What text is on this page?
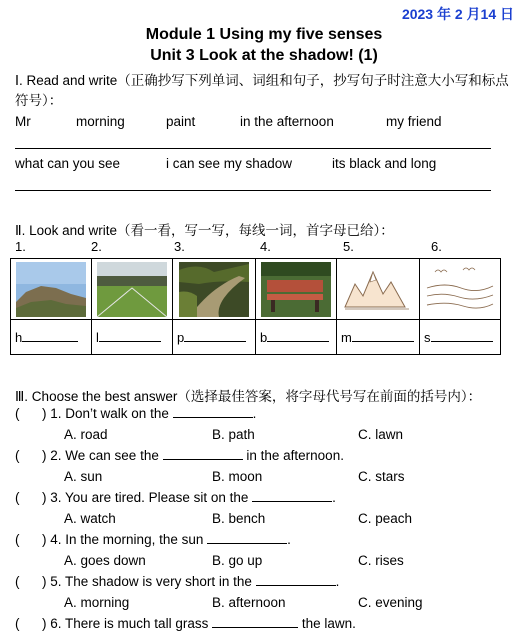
2023 年 2 月14 日
Module 1 Using my five senses
Unit 3 Look at the shadow! (1)
Ⅰ. Read and write（正确抄写下列单词、词组和句子，抄写句子时注意大小写和标点符号）：
Mr	morning	paint	in the afternoon	my friend
what can you see	i can see my shadow	its black and long
Ⅱ. Look and write（看一看，写一写，每线一词，首字母已给）：
1.	2.	3.	4.	5.	6.

h	l	p	b	m	s
Ⅲ. Choose the best answer（选择最佳答案，将字母代号写在前面的括号内）：
(      ) 1. Don’t walk on the	.
A. road	B. path	C. lawn
(      ) 2. We can see the	in the afternoon.
A. sun	B. moon	C. stars
(      ) 3. You are tired. Please sit on the	.
A. watch	B. bench	C. peach
(      ) 4. In the morning, the sun	.
A. goes down	B. go up	C. rises
(      ) 5. The shadow is very short in the	.
A. morning	B. afternoon	C. evening
(      ) 6. There is much tall grass	the lawn.
